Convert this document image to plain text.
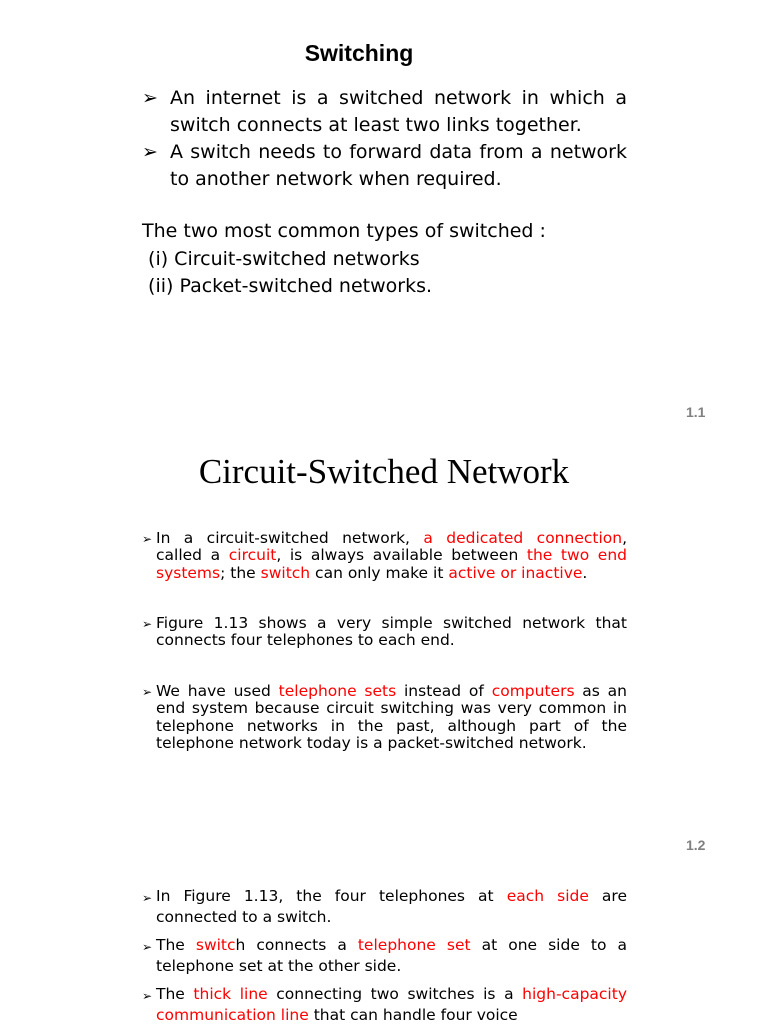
Switching
➢ An internet is a switched network in which a switch connects at least two links together.
➢ A switch needs to forward data from a network to another network when required.
The two most common types of switched :
(i) Circuit-switched networks
(ii) Packet-switched networks.
1.1
Circuit-Switched Network
➢ In a circuit-switched network, a dedicated connection, called a circuit, is always available between the two end systems; the switch can only make it active or inactive.
➢ Figure 1.13 shows a very simple switched network that connects four telephones to each end.
➢ We have used telephone sets instead of computers as an end system because circuit switching was very common in telephone networks in the past, although part of the telephone network today is a packet-switched network.
1.2
➢ In Figure 1.13, the four telephones at each side are connected to a switch.
➢ The switch connects a telephone set at one side to a telephone set at the other side.
➢ The thick line connecting two switches is a high-capacity communication line that can handle four voice
